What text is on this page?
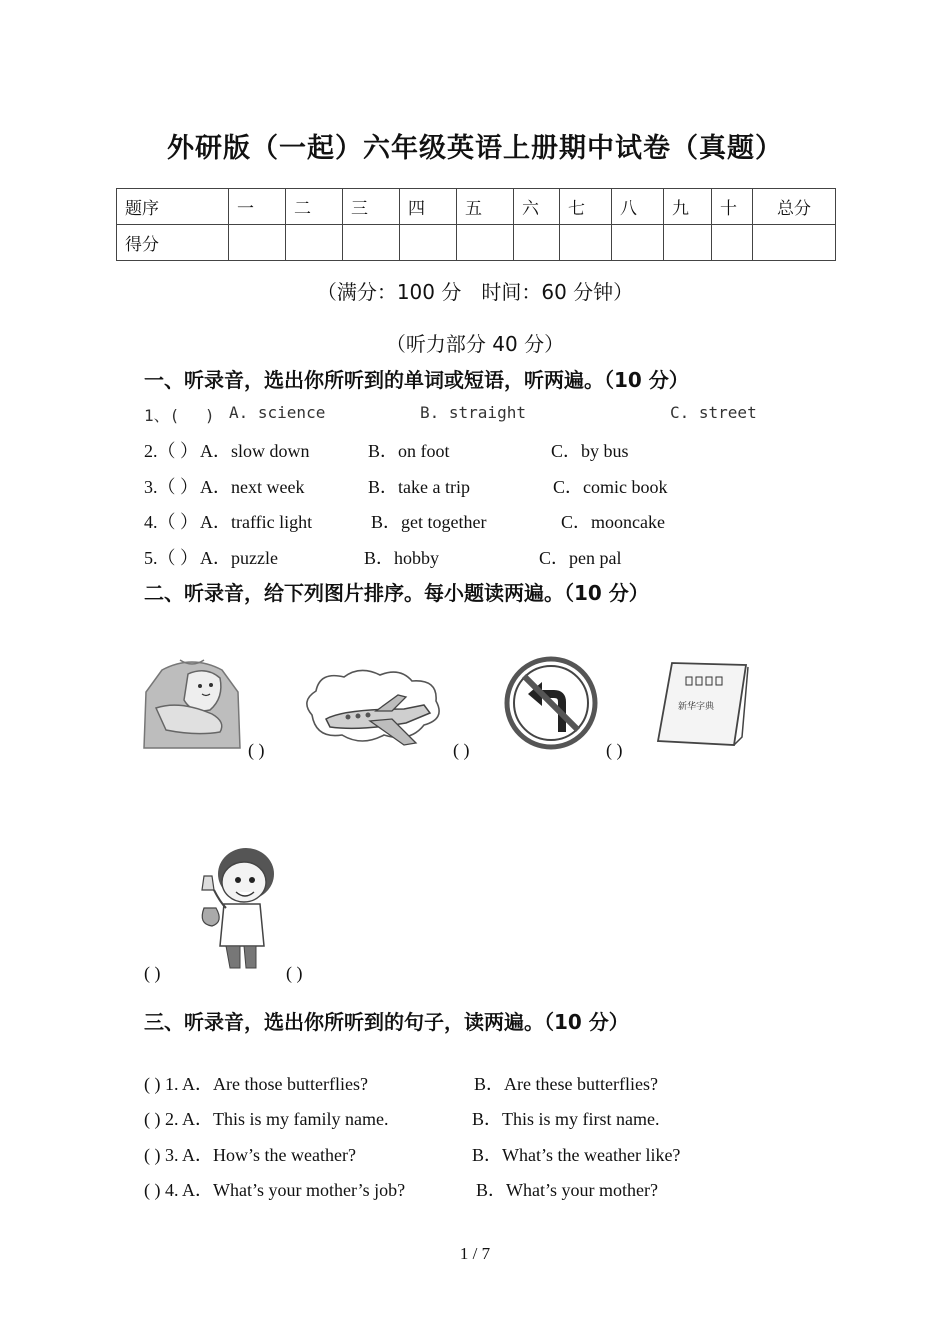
外研版（一起）六年级英语上册期中试卷（真题）
题序	一	二	三	四	五	六	七	八	九	十	总分
得分											
（满分：100 分　时间：60 分钟）
（听力部分 40 分）
一、听录音，选出你所听到的单词或短语，听两遍。（10 分）
1、(　 ) A. science	B. straight	C. street
2.（ ） A．slow down	B．on foot	C．by bus
3.（ ） A．next week	B．take a trip	C．comic book
4.（ ） A．traffic light	B．get together	C．mooncake
5.（ ） A．puzzle	B．hobby	C．pen pal
二、听录音，给下列图片排序。每小题读两遍。（10 分）
( )	( )	( )
新华字典
( )	( )
三、听录音，选出你所听到的句子，读两遍。（10 分）
( ) 1. A．Are those butterflies?	B．Are these butterflies?
( ) 2. A．This is my family name.	B．This is my first name.
( ) 3. A．How’s the weather?	B．What’s the weather like?
( ) 4. A．What’s your mother’s job?	B．What’s your mother?
1 / 7
